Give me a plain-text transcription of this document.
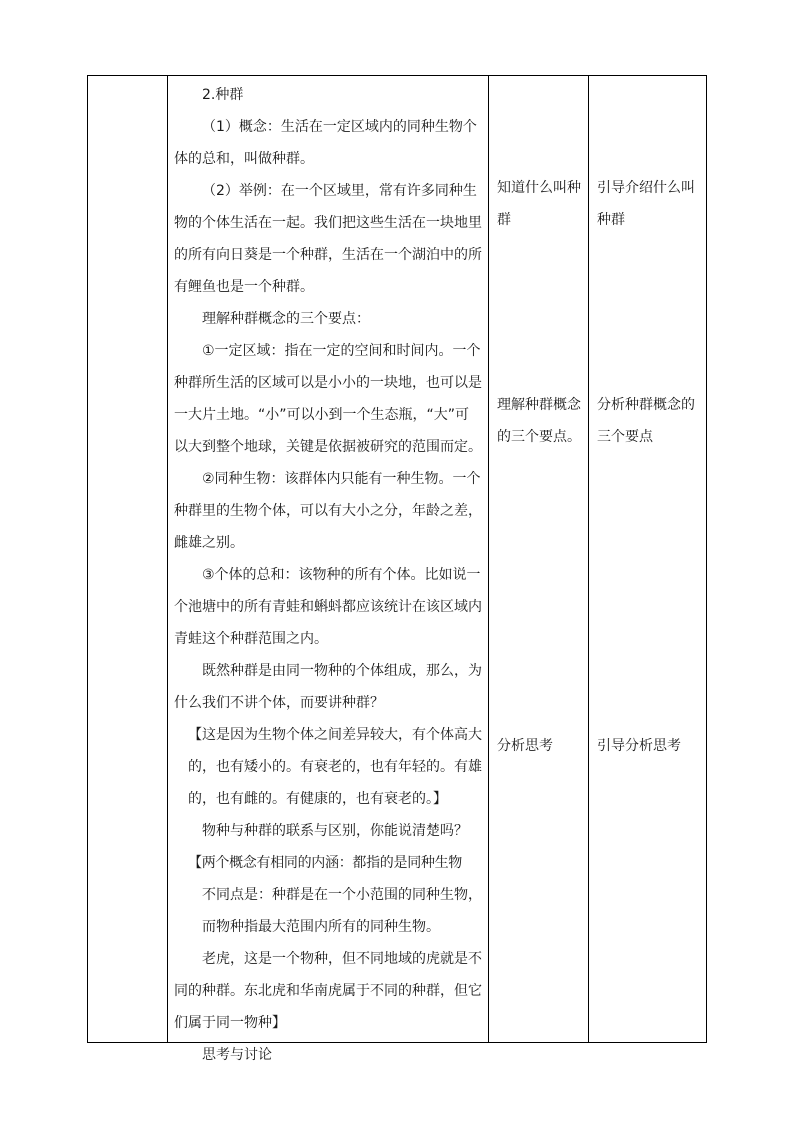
2.种群

（1）概念：生活在一定区域内的同种生物个体的总和，叫做种群。

（2）举例：在一个区域里，常有许多同种生物的个体生活在一起。我们把这些生活在一块地里的所有向日葵是一个种群，生活在一个湖泊中的所有鲤鱼也是一个种群。

理解种群概念的三个要点：

①一定区域：指在一定的空间和时间内。一个种群所生活的区域可以是小小的一块地，也可以是一大片土地。“小”可以小到一个生态瓶，“大”可以大到整个地球，关键是依据被研究的范围而定。

②同种生物：该群体内只能有一种生物。一个种群里的生物个体，可以有大小之分，年龄之差，雌雄之别。

③个体的总和：该物种的所有个体。比如说一个池塘中的所有青蛙和蝌蚪都应该统计在该区域内青蛙这个种群范围之内。

既然种群是由同一物种的个体组成，那么，为什么我们不讲个体，而要讲种群？

【这是因为生物个体之间差异较大，有个体高大的，也有矮小的。有衰老的，也有年轻的。有雄的，也有雌的。有健康的，也有衰老的。】

物种与种群的联系与区别，你能说清楚吗？

【两个概念有相同的内涵：都指的是同种生物

不同点是：种群是在一个小范围的同种生物，

而物种指最大范围内所有的同种生物。

老虎，这是一个物种，但不同地域的虎就是不同的种群。东北虎和华南虎属于不同的种群，但它们属于同一物种】

思考与讨论

知道什么叫种群

理解种群概念的三个要点。

分析思考

引导介绍什么叫种群

分析种群概念的三个要点

引导分析思考
